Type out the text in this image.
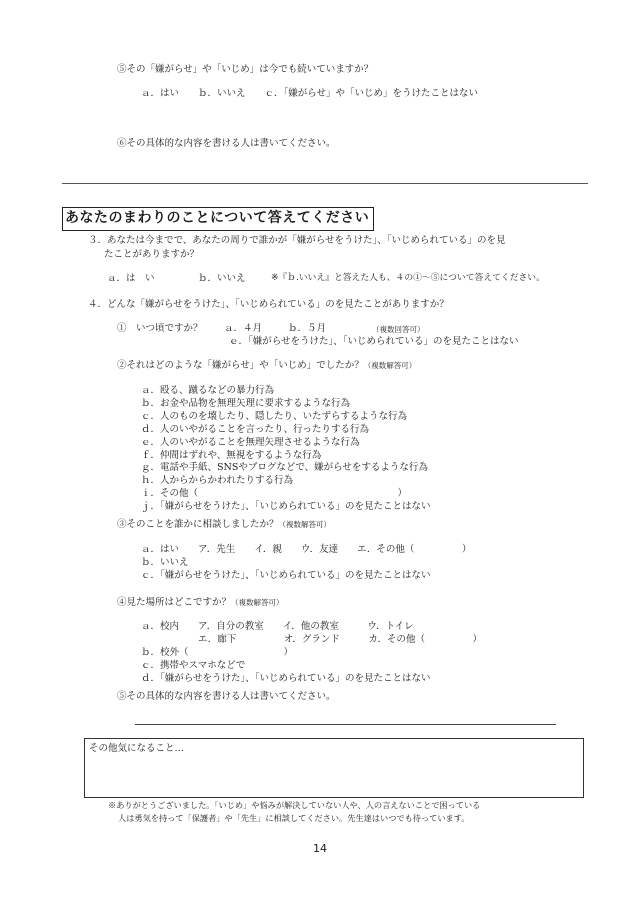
⑤その「嫌がらせ」や「いじめ」は今でも続いていますか？
ａ．はい　　ｂ．いいえ　　ｃ．「嫌がらせ」や「いじめ」をうけたことはない
⑥その具体的な内容を書ける人は書いてください。
あなたのまわりのことについて答えてください
３．あなたは今までで、あなたの周りで誰かが「嫌がらせをうけた」、「いじめられている」のを見
たことがありますか？
ａ．は　い	ｂ．いいえ	※『ｂ.いいえ』と答えた人も、４の①～⑤について答えてください。
４．どんな「嫌がらせをうけた」、「いじめられている」のを見たことがありますか？
①　いつ頃ですか？ ａ．４月	ｂ．５月	（複数回答可）
ｅ．「嫌がらせをうけた」、「いじめられている」のを見たことはない
②それはどのような「嫌がらせ」や「いじめ」でしたか？（複数解答可）
ａ．殴る、蹴るなどの暴力行為
ｂ．お金や品物を無理矢理に要求するような行為
ｃ．人のものを壊したり、隠したり、いたずらするような行為
ｄ．人のいやがることを言ったり、行ったりする行為
ｅ．人のいやがることを無理矢理させるような行為
ｆ．仲間はずれや、無視をするような行為
ｇ．電話や手紙、SNSやブログなどで、嫌がらせをするような行為
ｈ．人からからかわれたりする行為
ｉ．その他（　　　　　　　　　　　　　　　　　　　　　）
ｊ．「嫌がらせをうけた」、「いじめられている」のを見たことはない
③そのことを誰かに相談しましたか？（複数解答可）
ａ．はい　　ア．先生　　イ．親　　ウ．友達　　エ．その他（　　　　　）
ｂ．いいえ
ｃ．「嫌がらせをうけた」、「いじめられている」のを見たことはない
④見た場所はどこですか？（複数解答可）
ａ．校内　　ア．自分の教室　　イ．他の教室　　　ウ．トイレ
　　　　　　エ．廊下　　　　　オ．グランド　　　カ．その他（　　　　　）
ｂ．校外（　　　　　　　　　　）
ｃ．携帯やスマホなどで
ｄ．「嫌がらせをうけた」、「いじめられている」のを見たことはない
⑤その具体的な内容を書ける人は書いてください。
その他気になること…
※ありがとうございました。「いじめ」や悩みが解決していない人や、人の言えないことで困っている
人は勇気を持って「保護者」や「先生」に相談してください。先生達はいつでも待っています。
14
